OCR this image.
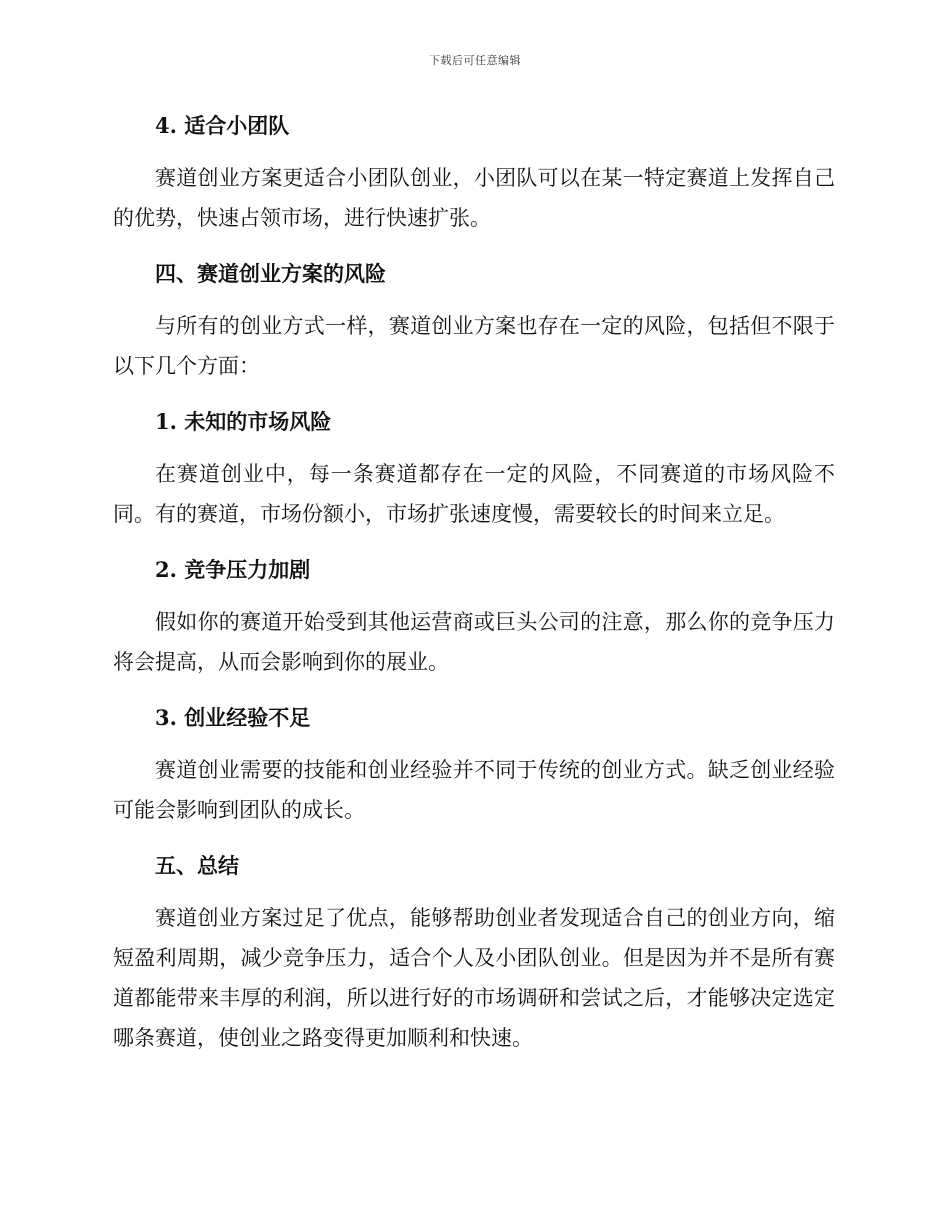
下载后可任意编辑
4. 适合小团队

赛道创业方案更适合小团队创业，小团队可以在某一特定赛道上发挥自己的优势，快速占领市场，进行快速扩张。

四、赛道创业方案的风险

与所有的创业方式一样，赛道创业方案也存在一定的风险，包括但不限于以下几个方面：

1. 未知的市场风险

在赛道创业中，每一条赛道都存在一定的风险，不同赛道的市场风险不同。有的赛道，市场份额小，市场扩张速度慢，需要较长的时间来立足。

2. 竞争压力加剧

假如你的赛道开始受到其他运营商或巨头公司的注意，那么你的竞争压力将会提高，从而会影响到你的展业。

3. 创业经验不足

赛道创业需要的技能和创业经验并不同于传统的创业方式。缺乏创业经验可能会影响到团队的成长。

五、总结

赛道创业方案过足了优点，能够帮助创业者发现适合自己的创业方向，缩短盈利周期，减少竞争压力，适合个人及小团队创业。但是因为并不是所有赛道都能带来丰厚的利润，所以进行好的市场调研和尝试之后，才能够决定选定哪条赛道，使创业之路变得更加顺利和快速。
